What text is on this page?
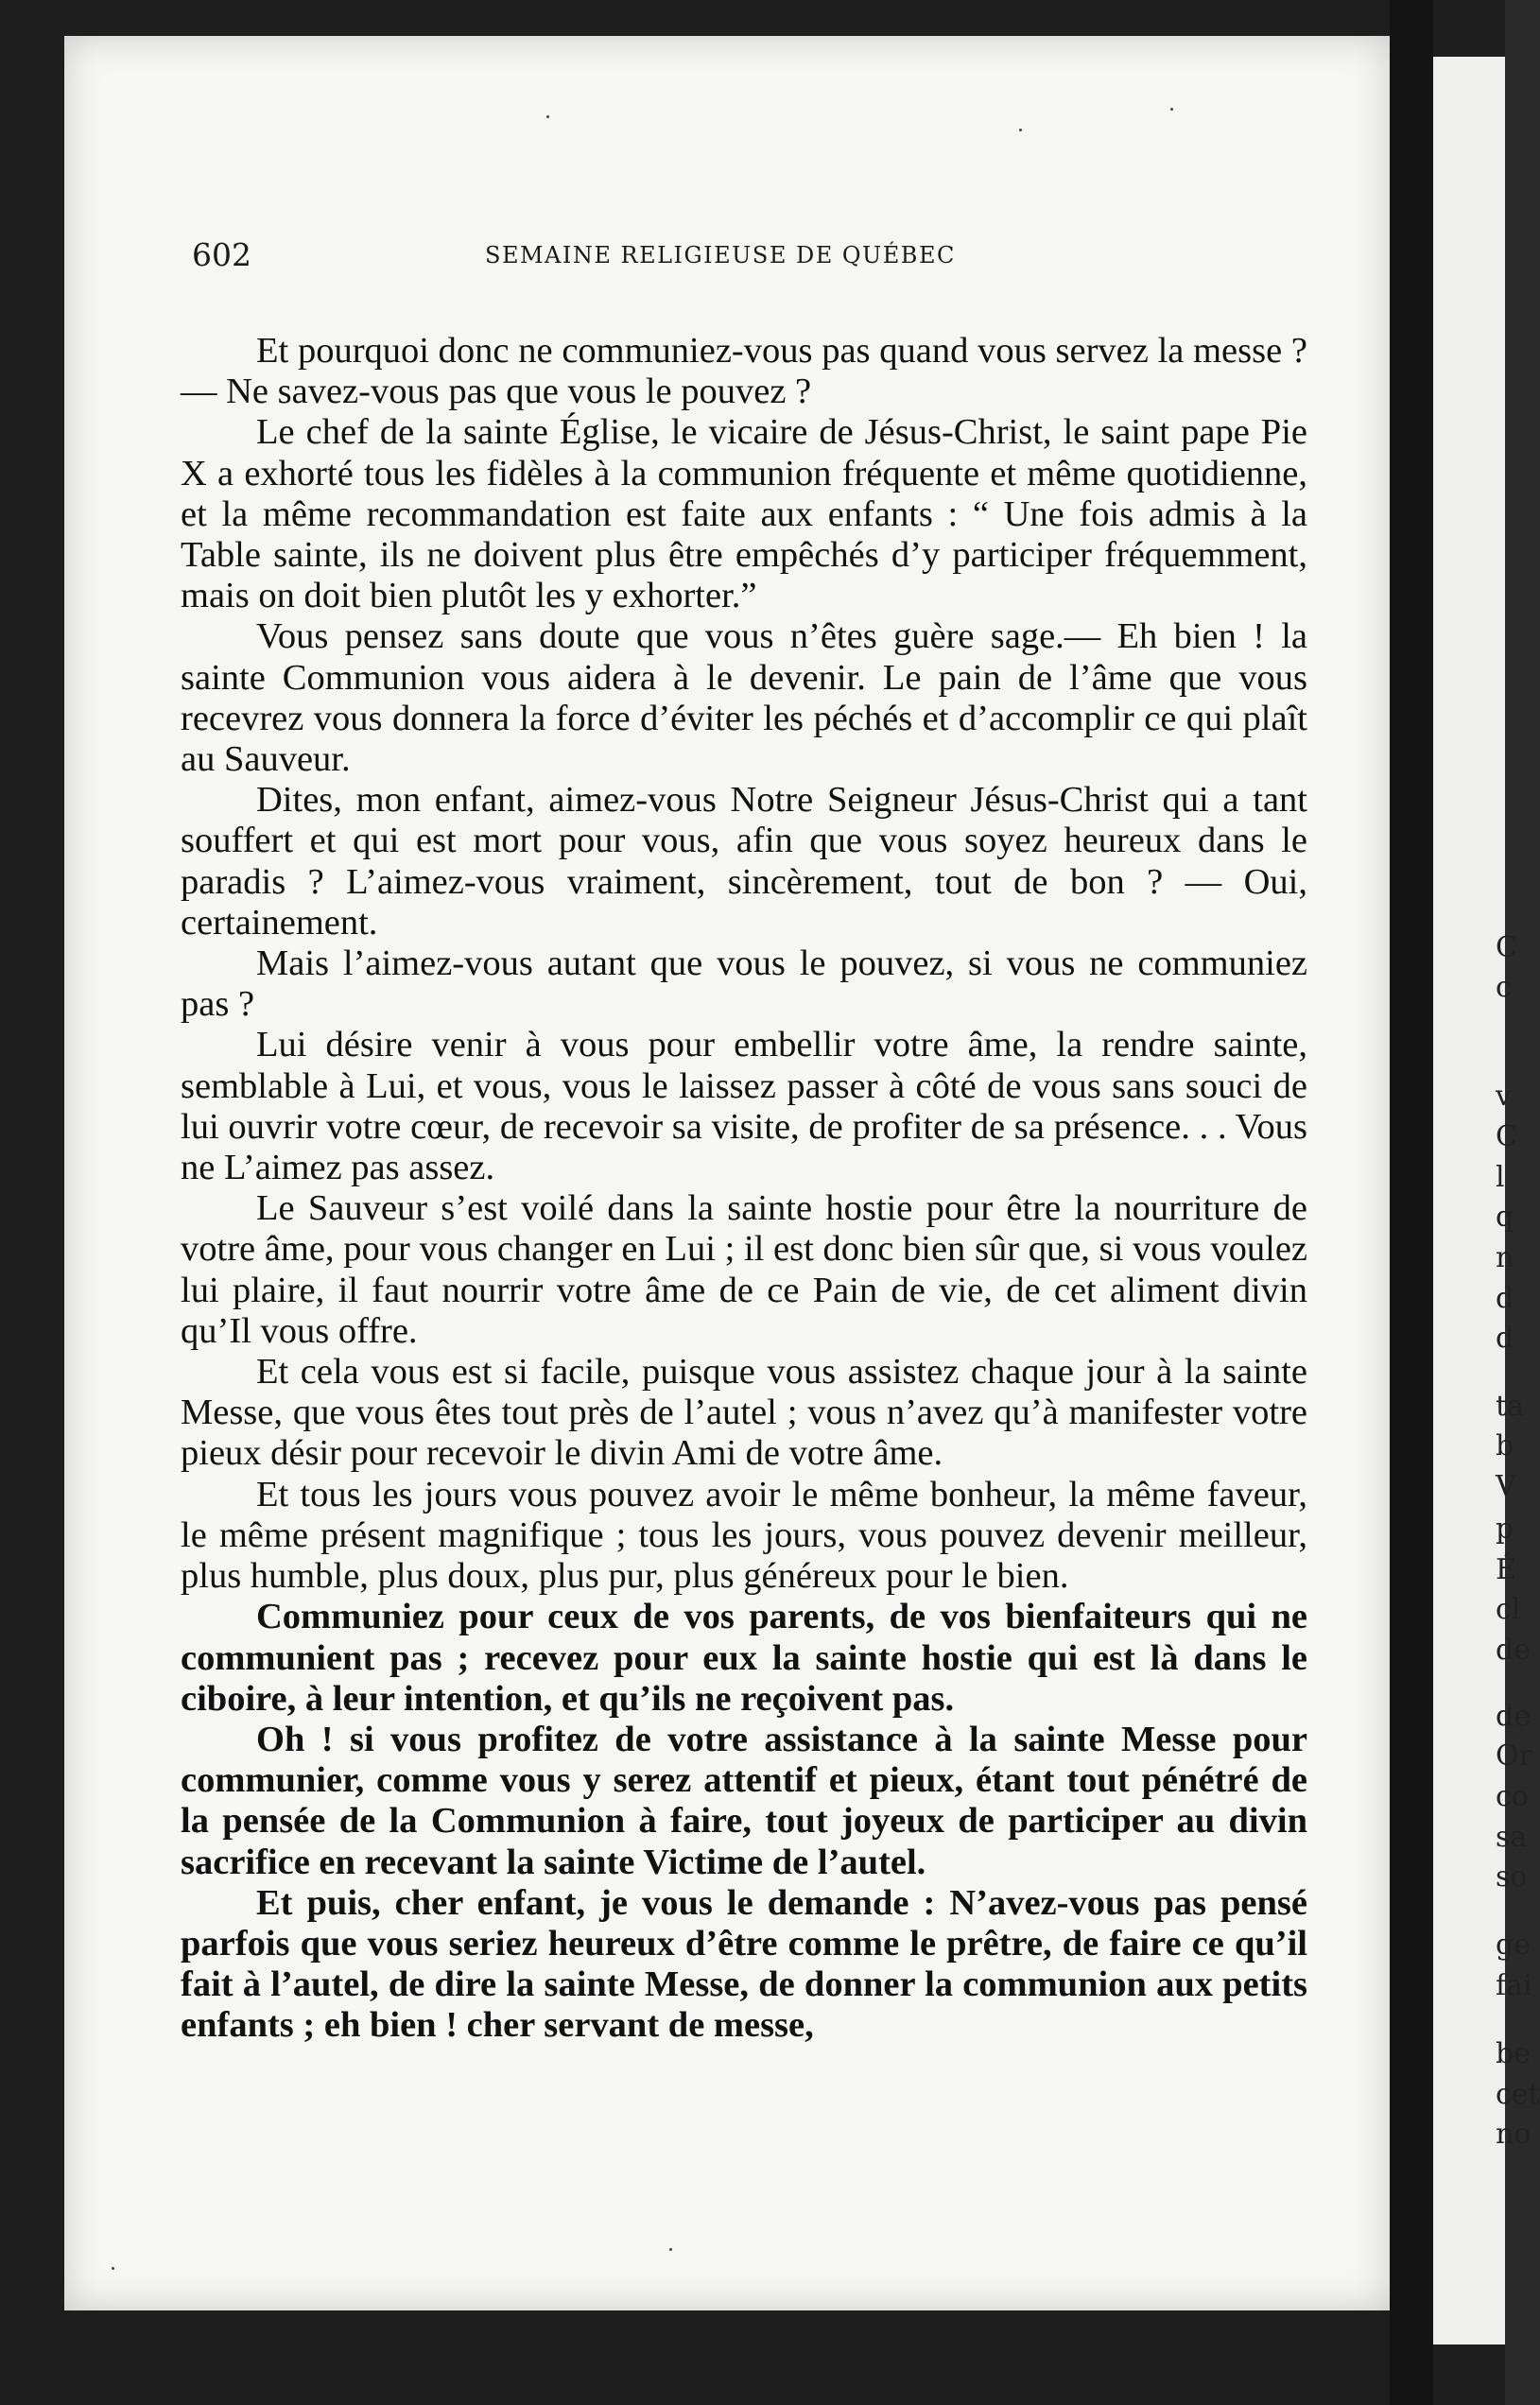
602	SEMAINE RELIGIEUSE DE QUÉBEC

Et pourquoi donc ne communiez-vous pas quand vous servez la messe ? — Ne savez-vous pas que vous le pouvez ?

Le chef de la sainte Église, le vicaire de Jésus-Christ, le saint pape Pie X a exhorté tous les fidèles à la communion fréquente et même quotidienne, et la même recommandation est faite aux enfants : “ Une fois admis à la Table sainte, ils ne doivent plus être empêchés d’y participer fréquemment, mais on doit bien plutôt les y exhorter.”

Vous pensez sans doute que vous n’êtes guère sage.— Eh bien ! la sainte Communion vous aidera à le devenir. Le pain de l’âme que vous recevrez vous donnera la force d’éviter les péchés et d’accomplir ce qui plaît au Sauveur.

Dites, mon enfant, aimez-vous Notre Seigneur Jésus-Christ qui a tant souffert et qui est mort pour vous, afin que vous soyez heureux dans le paradis ? L’aimez-vous vraiment, sincèrement, tout de bon ? — Oui, certainement.

Mais l’aimez-vous autant que vous le pouvez, si vous ne communiez pas ?

Lui désire venir à vous pour embellir votre âme, la rendre sainte, semblable à Lui, et vous, vous le laissez passer à côté de vous sans souci de lui ouvrir votre cœur, de recevoir sa visite, de profiter de sa présence. . . Vous ne L’aimez pas assez.

Le Sauveur s’est voilé dans la sainte hostie pour être la nourriture de votre âme, pour vous changer en Lui ; il est donc bien sûr que, si vous voulez lui plaire, il faut nourrir votre âme de ce Pain de vie, de cet aliment divin qu’Il vous offre.

Et cela vous est si facile, puisque vous assistez chaque jour à la sainte Messe, que vous êtes tout près de l’autel ; vous n’avez qu’à manifester votre pieux désir pour recevoir le divin Ami de votre âme.

Et tous les jours vous pouvez avoir le même bonheur, la même faveur, le même présent magnifique ; tous les jours, vous pouvez devenir meilleur, plus humble, plus doux, plus pur, plus généreux pour le bien.

Communiez pour ceux de vos parents, de vos bienfaiteurs qui ne communient pas ; recevez pour eux la sainte hostie qui est là dans le ciboire, à leur intention, et qu’ils ne reçoivent pas.

Oh ! si vous profitez de votre assistance à la sainte Messe pour communier, comme vous y serez attentif et pieux, étant tout pénétré de la pensée de la Communion à faire, tout joyeux de participer au divin sacrifice en recevant la sainte Victime de l’autel.

Et puis, cher enfant, je vous le demande : N’avez-vous pas pensé parfois que vous seriez heureux d’être comme le prêtre, de faire ce qu’il fait à l’autel, de dire la sainte Messe, de donner la communion aux petits enfants ; eh bien ! cher servant de messe,

C
c
v
C
l
q
n
d
d
ta
b
V
p
É
cl
de
de
Or
co
sa
so
ge
fai
be
cet
no
